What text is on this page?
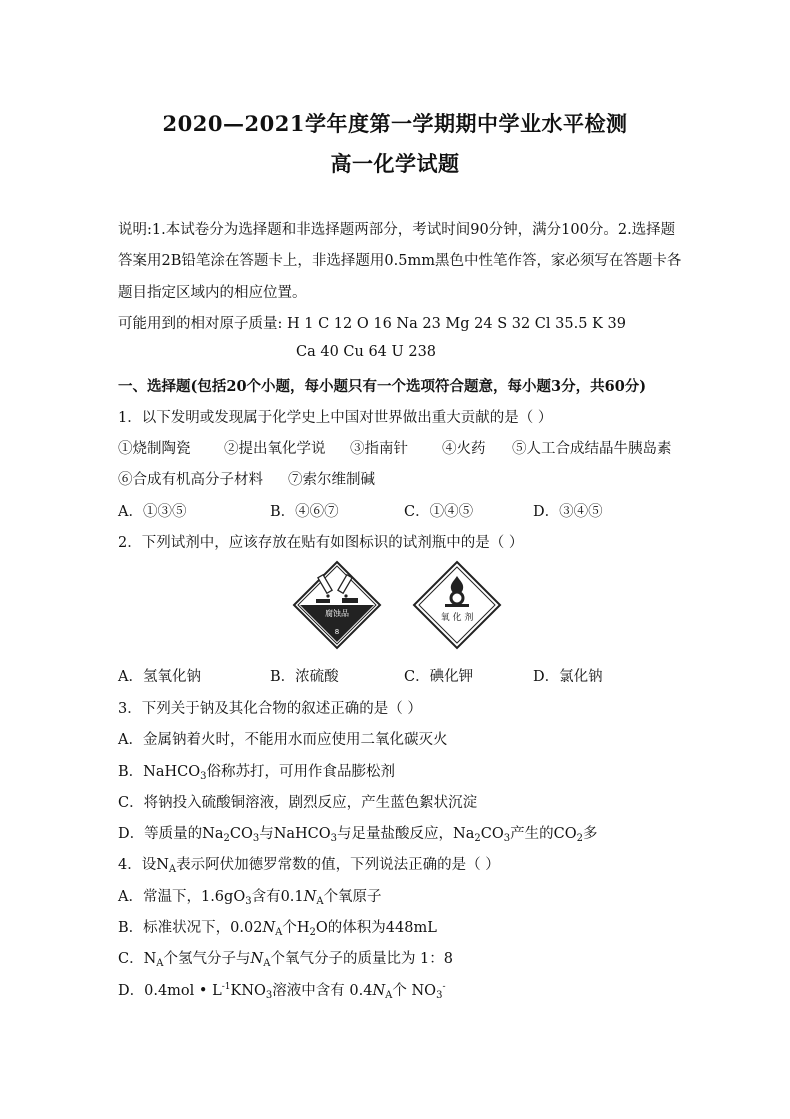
2020—2021学年度第一学期期中学业水平检测
高一化学试题
说明:1.本试卷分为选择题和非选择题两部分，考试时间90分钟，满分100分。2.选择题
答案用2B铅笔涂在答题卡上，非选择题用0.5mm黑色中性笔作答，家必须写在答题卡各
题目指定区域内的相应位置。
可能用到的相对原子质量: H 1 C 12 O 16 Na 23 Mg 24 S 32 Cl 35.5 K 39
Ca 40 Cu 64 U 238
一、选择题(包括20个小题，每小题只有一个选项符合题意，每小题3分，共60分)
1．以下发明或发现属于化学史上中国对世界做出重大贡献的是（ ）
①烧制陶瓷 ②提出氧化学说 ③指南针 ④火药 ⑤人工合成结晶牛胰岛素
⑥合成有机高分子材料 ⑦索尔维制碱
A．①③⑤	B．④⑥⑦	C．①④⑤	D．③④⑤
2．下列试剂中，应该存放在贴有如图标识的试剂瓶中的是（ ）
腐蚀品
8
氧 化 剂
A．氢氧化钠	B．浓硫酸	C．碘化钾	D．氯化钠
3．下列关于钠及其化合物的叙述正确的是（ ）
A．金属钠着火时，不能用水而应使用二氧化碳灭火
B．NaHCO$_3$俗称苏打，可用作食品膨松剂
C．将钠投入硫酸铜溶液，剧烈反应，产生蓝色絮状沉淀
D．等质量的$Na_2CO_3$与NaHCO$_3$与足量盐酸反应，$Na_2CO_3$产生的$CO_2$多
4．设$N_A$表示阿伏加德罗常数的值，下列说法正确的是（ ）
A．常温下，$1.6gO_3$含有$0.1N_A$个氧原子
B．标准状况下，$0.02N_A$个$H_2O$的体积为448mL
C．$N_A$个氢气分子与$N_A$个氧气分子的质量比为 1：8
D．0.4mol • $L^{-1}KNO_3$溶液中含有 $0.4N_A$个 $NO_3^-$
